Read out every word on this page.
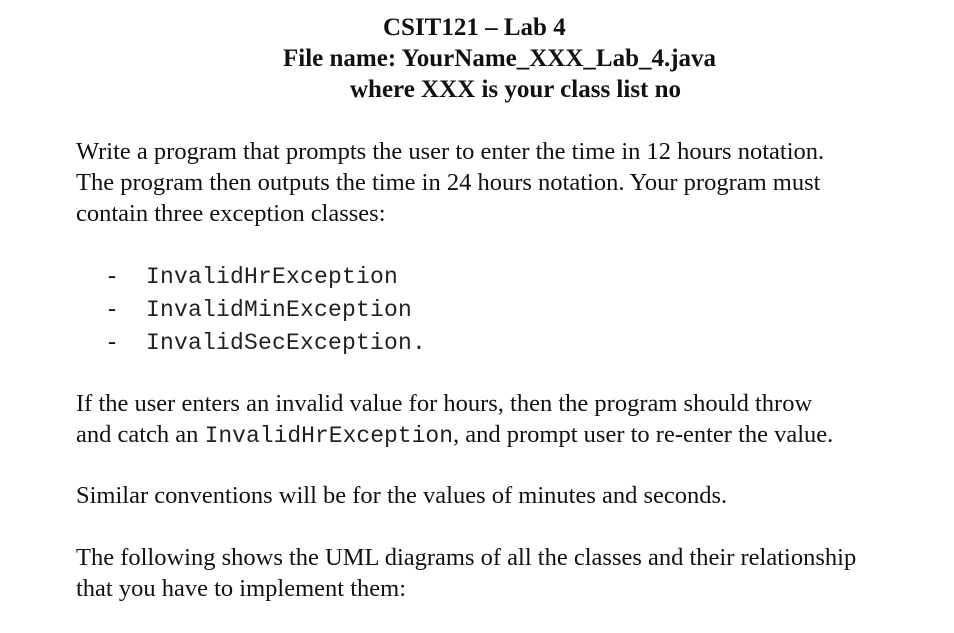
CSIT121 – Lab 4
File name: YourName_XXX_Lab_4.java
where XXX is your class list no
Write a program that prompts the user to enter the time in 12 hours notation.
The program then outputs the time in 24 hours notation. Your program must
contain three exception classes:
- InvalidHrException
- InvalidMinException
- InvalidSecException.
If the user enters an invalid value for hours, then the program should throw
and catch an InvalidHrException, and prompt user to re-enter the value.
Similar conventions will be for the values of minutes and seconds.
The following shows the UML diagrams of all the classes and their relationship
that you have to implement them:
